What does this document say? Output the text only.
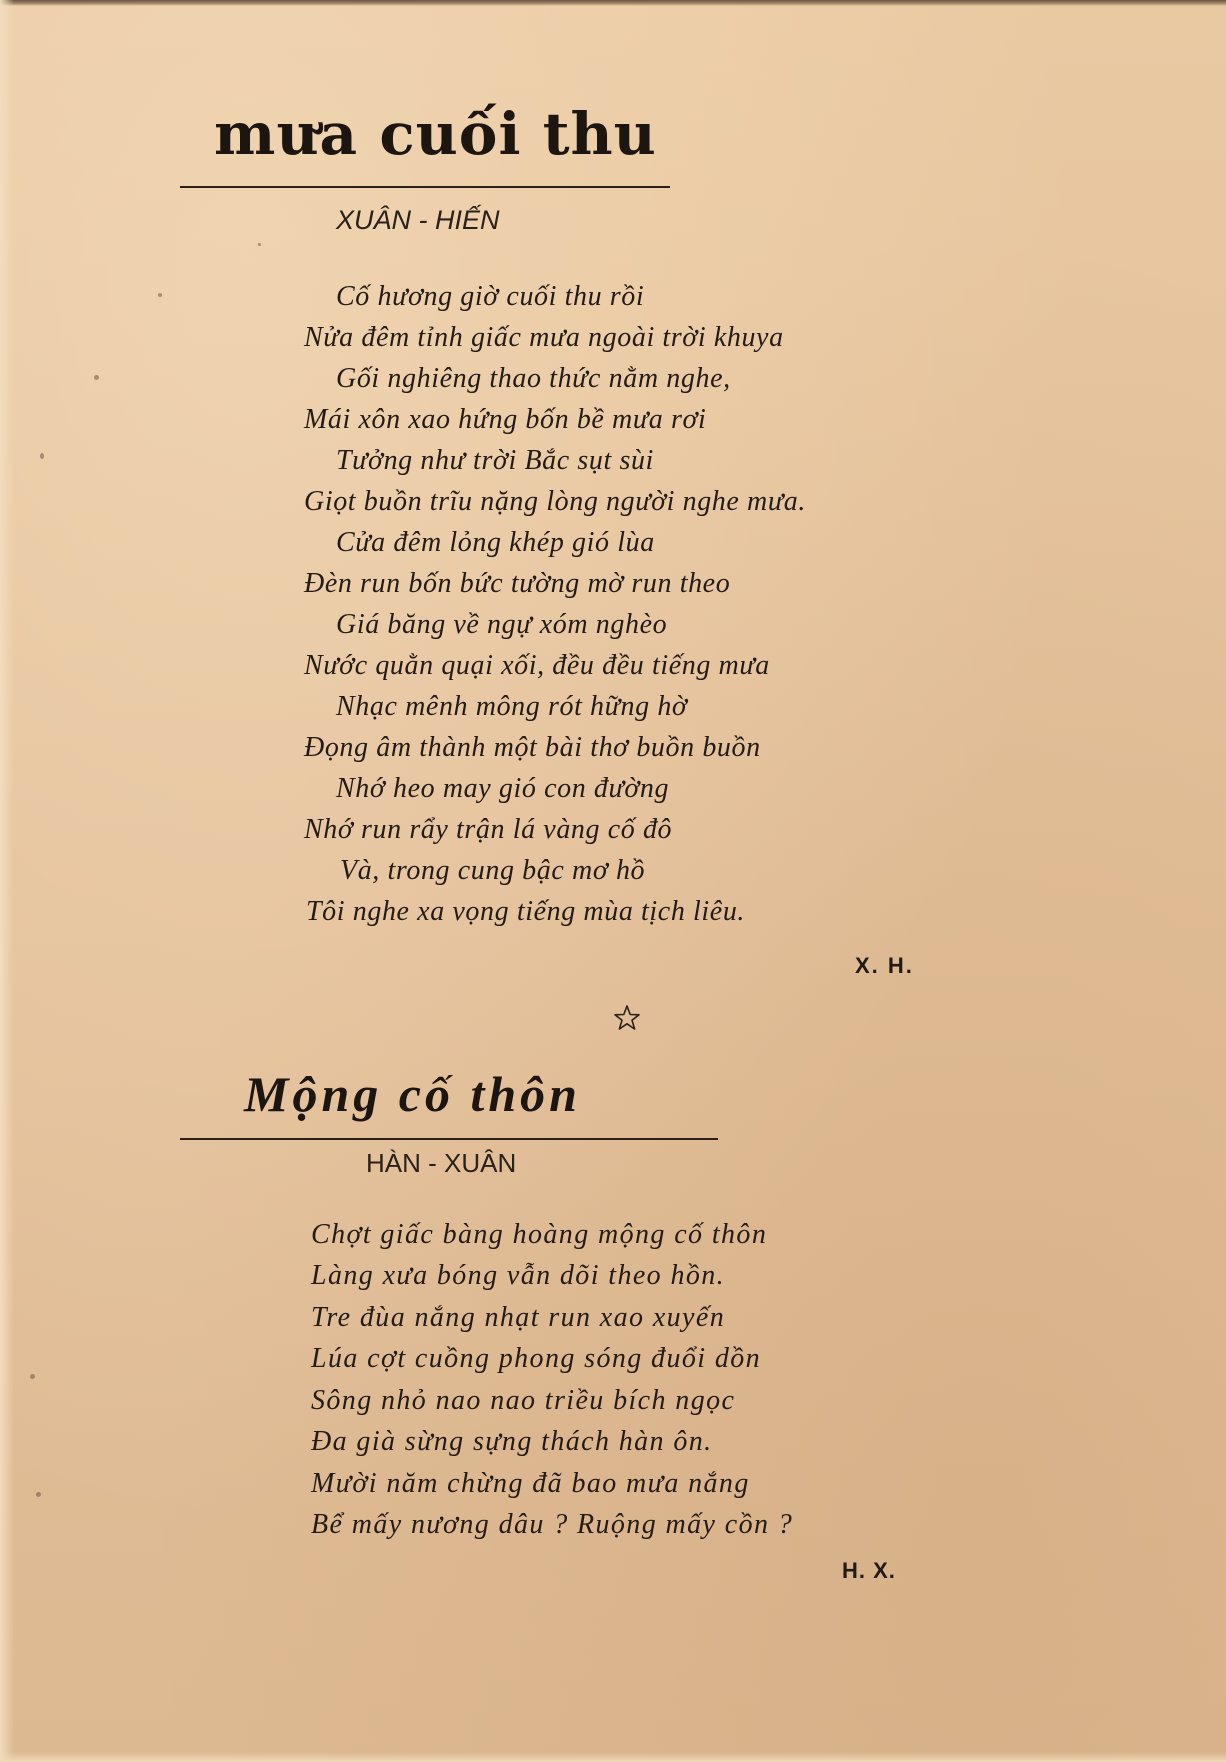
mưa cuối thu
XUÂN - HIẾN
Cố hương giờ cuối thu rồi
Nửa đêm tỉnh giấc mưa ngoài trời khuya
Gối nghiêng thao thức nằm nghe,
Mái xôn xao hứng bốn bề mưa rơi
Tưởng như trời Bắc sụt sùi
Giọt buồn trĩu nặng lòng người nghe mưa.
Cửa đêm lỏng khép gió lùa
Đèn run bốn bức tường mờ run theo
Giá băng về ngự xóm nghèo
Nước quằn quại xối, đều đều tiếng mưa
Nhạc mênh mông rót hững hờ
Đọng âm thành một bài thơ buồn buồn
Nhớ heo may gió con đường
Nhớ run rẩy trận lá vàng cố đô
Và, trong cung bậc mơ hồ
Tôi nghe xa vọng tiếng mùa tịch liêu.
X. H.
Mộng cố thôn
HÀN - XUÂN
Chợt giấc bàng hoàng mộng cố thôn
Làng xưa bóng vẫn dõi theo hồn.
Tre đùa nắng nhạt run xao xuyến
Lúa cợt cuồng phong sóng đuổi dồn
Sông nhỏ nao nao triều bích ngọc
Đa già sừng sựng thách hàn ôn.
Mười năm chừng đã bao mưa nắng
Bể mấy nương dâu ? Ruộng mấy cồn ?
H. X.
